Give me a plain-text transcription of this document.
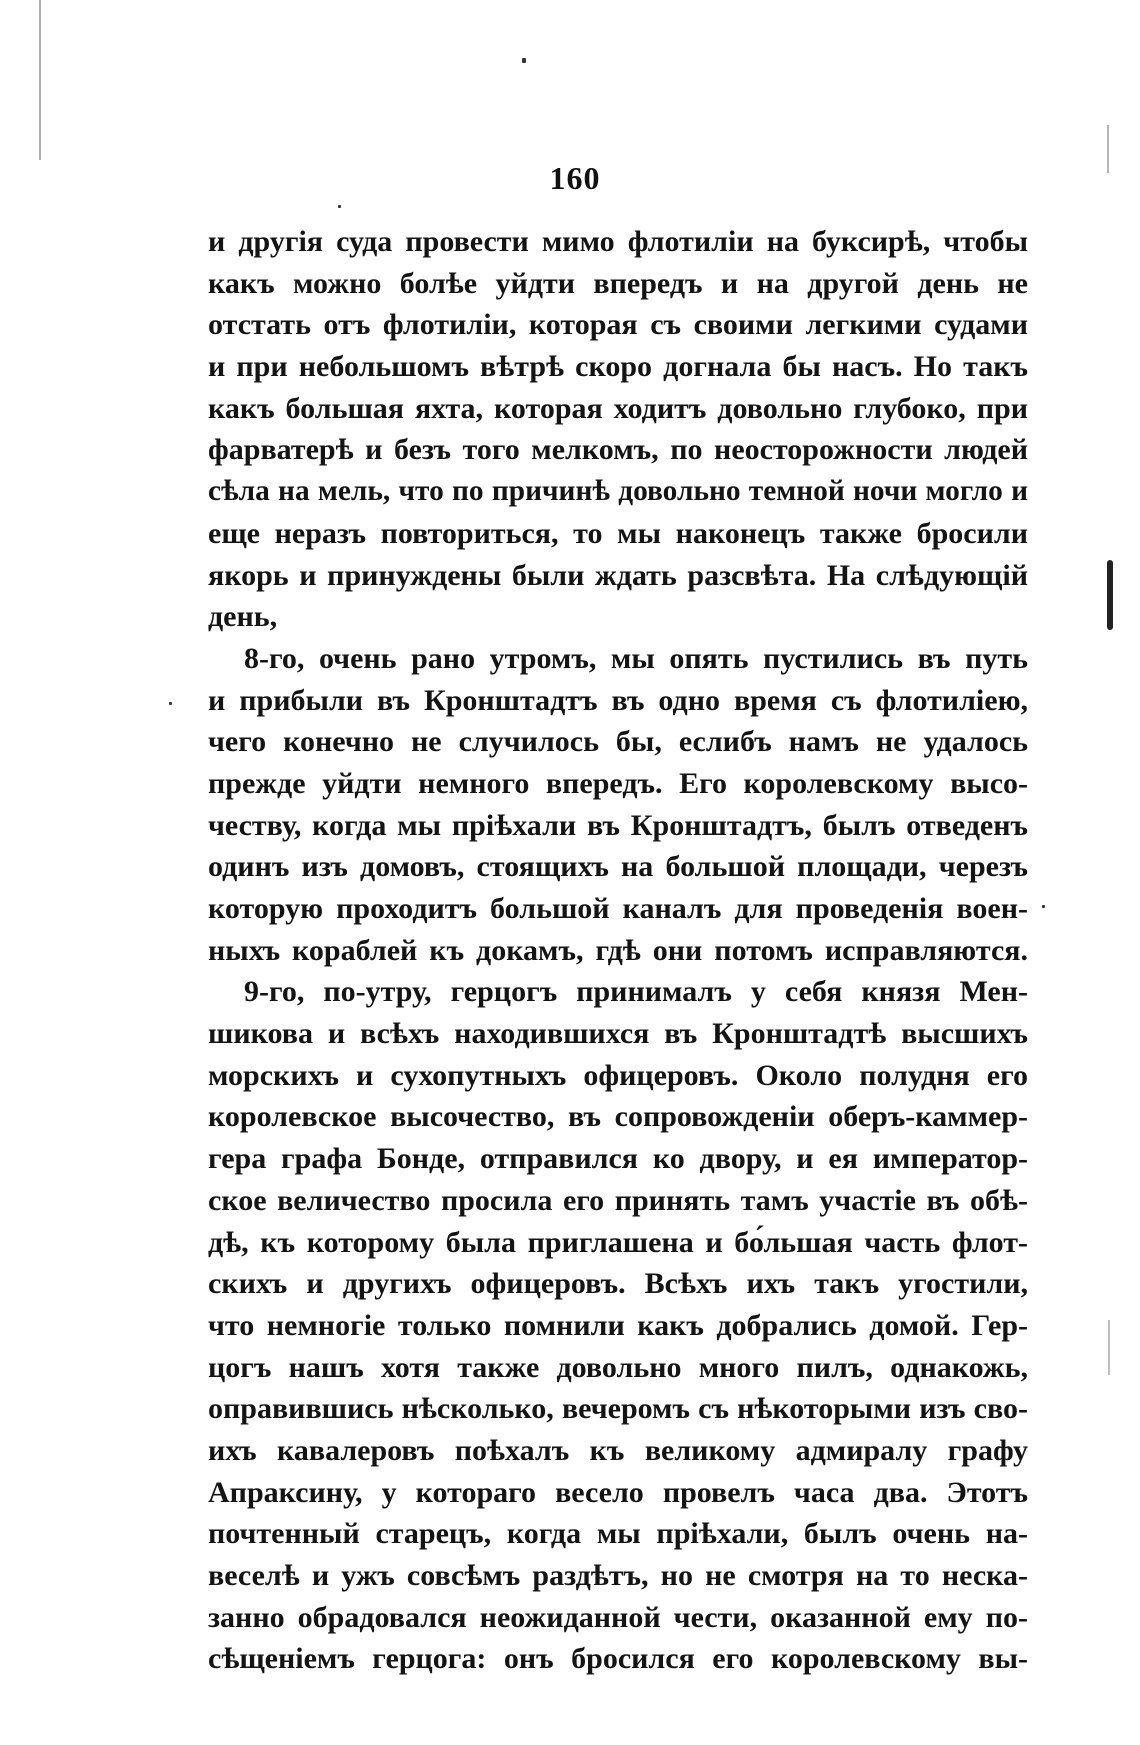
160
и другія суда провести мимо флотиліи на буксирѣ, чтобы
какъ можно болѣе уйдти впередъ и на другой день не
отстать отъ флотиліи, которая съ своими легкими судами
и при небольшомъ вѣтрѣ скоро догнала бы насъ. Но такъ
какъ большая яхта, которая ходитъ довольно глубоко, при
фарватерѣ и безъ того мелкомъ, по неосторожности людей
сѣла на мель, что по причинѣ довольно темной ночи могло и
еще неразъ повториться, то мы наконецъ также бросили
якорь и принуждены были ждать разсвѣта. На слѣдующій
день,
8-го, очень рано утромъ, мы опять пустились въ путь
и прибыли въ Кронштадтъ въ одно время съ флотиліею,
чего конечно не случилось бы, еслибъ намъ не удалось
прежде уйдти немного впередъ. Его королевскому высо-
честву, когда мы пріѣхали въ Кронштадтъ, былъ отведенъ
одинъ изъ домовъ, стоящихъ на большой площади, черезъ
которую проходитъ большой каналъ для проведенія воен-
ныхъ кораблей къ докамъ, гдѣ они потомъ исправляются.
9-го, по-утру, герцогъ принималъ у себя князя Мен-
шикова и всѣхъ находившихся въ Кронштадтѣ высшихъ
морскихъ и сухопутныхъ офицеровъ. Около полудня его
королевское высочество, въ сопровожденіи оберъ-каммер-
гера графа Бонде, отправился ко двору, и ея император-
ское величество просила его принять тамъ участіе въ обѣ-
дѣ, къ которому была приглашена и бо́льшая часть флот-
скихъ и другихъ офицеровъ. Всѣхъ ихъ такъ угостили,
что немногіе только помнили какъ добрались домой. Гер-
цогъ нашъ хотя также довольно много пилъ, однакожь,
оправившись нѣсколько, вечеромъ съ нѣкоторыми изъ сво-
ихъ кавалеровъ поѣхалъ къ великому адмиралу графу
Апраксину, у котораго весело провелъ часа два. Этотъ
почтенный старецъ, когда мы пріѣхали, былъ очень на-
веселѣ и ужъ совсѣмъ раздѣтъ, но не смотря на то неска-
занно обрадовался неожиданной чести, оказанной ему по-
сѣщеніемъ герцога: онъ бросился его королевскому вы-
